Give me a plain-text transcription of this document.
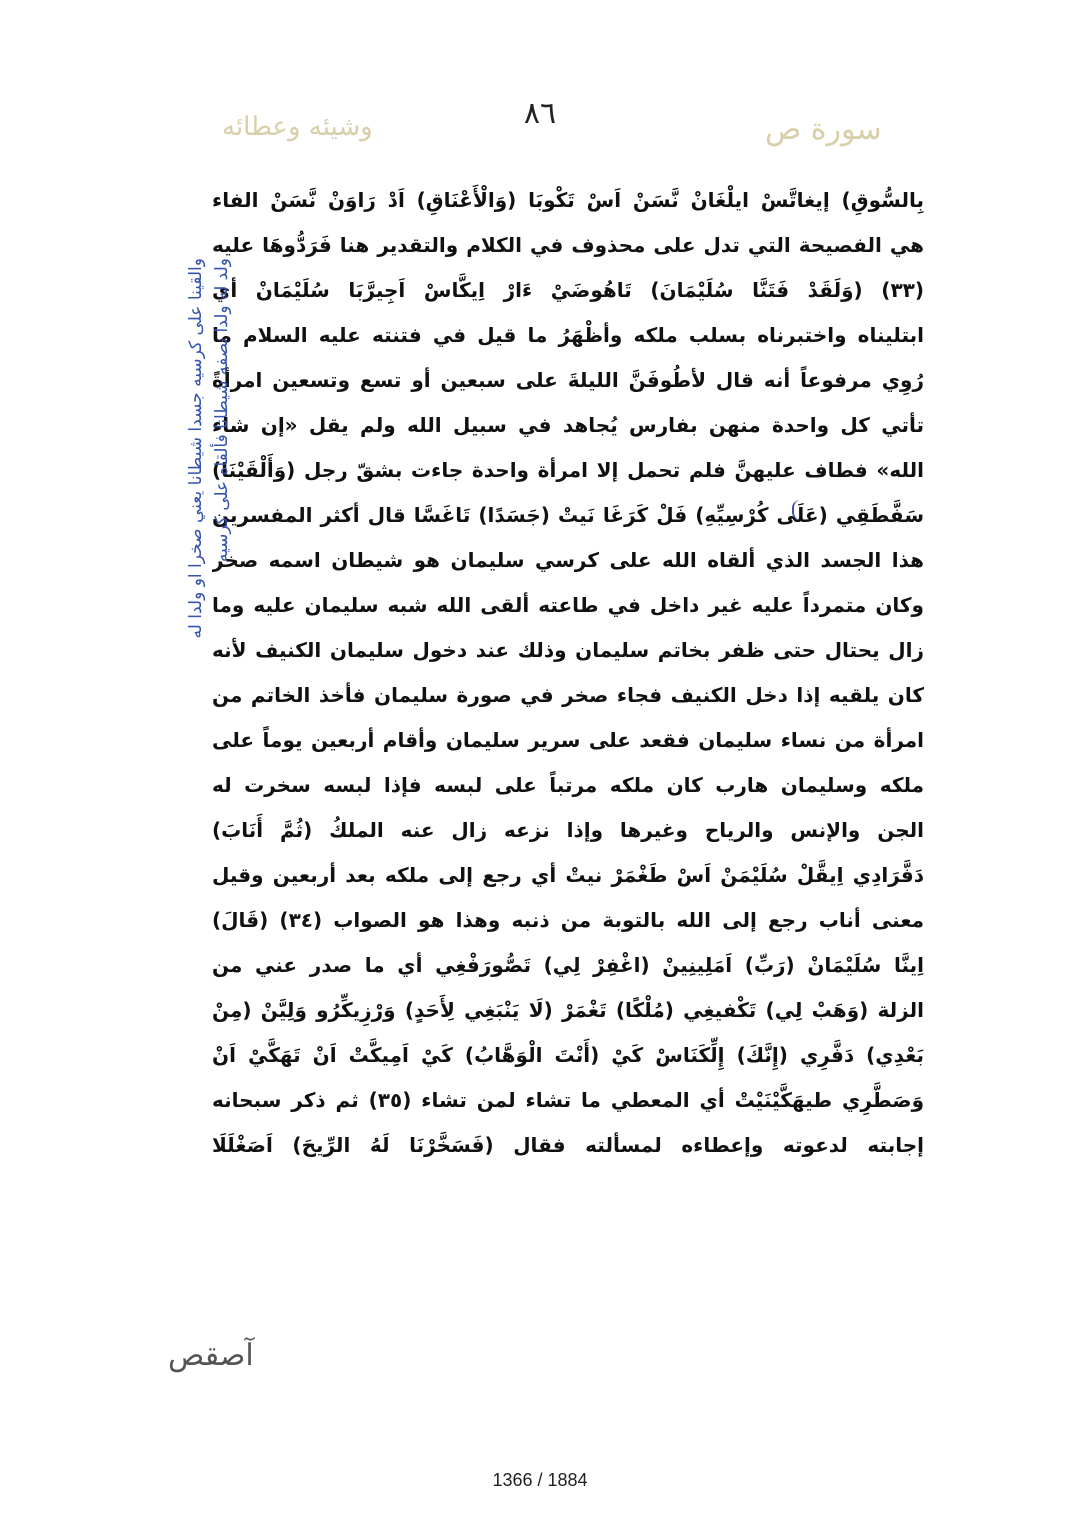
٨٦
وشيئه وعطائه	سورة ص
بِالسُّوقِ) إيغاتَّسْ ايلْغَانْ نَّسَنْ اَسْ تَكْوبَا (وَالْأَعْنَاقِ) اَدْ رَاوَنْ نَّسَنْ الفاء
هي الفصيحة التي تدل على محذوف في الكلام والتقدير هنا فَرَدُّوهَا عليه
(٣٣) (وَلَقَدْ فَتَنَّا سُلَيْمَانَ) تَاهُوضَيْ ءَارْ اِيكَّاسْ اَجِيرَّبَا سُلَيْمَانْ أي
ابتليناه واختبرناه بسلب ملكه وأظْهَرُ ما قيل في فتنته عليه السلام ما
رُوِي مرفوعاً أنه قال لأطُوفَنَّ الليلةَ على سبعين أو تسع وتسعين امرأةً
تأتي كل واحدة منهن بفارس يُجاهد في سبيل الله ولم يقل «إن شاء
الله» فطاف عليهنَّ فلم تحمل إلا امرأة واحدة جاءت بشقّ رجل (وَأَلْقَيْنَا)
سَفَّطَقِي (عَلَى كُرْسِيِّهِ) فَلْ كَرَغَا نَيتْ (جَسَدًا) تَاغَسَّا قال أكثر المفسرين
هذا الجسد الذي ألقاه الله على كرسي سليمان هو شيطان اسمه صخر
وكان متمرداً عليه غير داخل في طاعته ألقى الله شبه سليمان عليه وما
زال يحتال حتى ظفر بخاتم سليمان وذلك عند دخول سليمان الكنيف لأنه
كان يلقيه إذا دخل الكنيف فجاء صخر في صورة سليمان فأخذ الخاتم من
امرأة من نساء سليمان فقعد على سرير سليمان وأقام أربعين يوماً على
ملكه وسليمان هارب كان ملكه مرتباً على لبسه فإذا لبسه سخرت له
الجن والإنس والرياح وغيرها وإذا نزعه زال عنه الملكُ (ثُمَّ أَنَابَ)
دَفَّرَادِي اِيقَّلْ سُلَيْمَنْ اَسْ طَغْمَرْ نيتْ أي رجع إلى ملكه بعد أربعين وقيل
معنى أناب رجع إلى الله بالتوبة من ذنبه وهذا هو الصواب (٣٤) (قَالَ)
اِينَّا سُلَيْمَانْ (رَبِّ) اَمَلِينِينْ (اغْفِرْ لِي) تَصُّورَفْغِي أي ما صدر عني من
الزلة (وَهَبْ لِي) تَكْفيغِي (مُلْكًا) تَغْمَرْ (لَا يَنْبَغِي لِأَحَدٍ) وَرْزِيكِّرُو وَلِيَّنْ (مِنْ
بَعْدِي) دَفَّرِي (إِنَّكَ) إِلِّكَنَاسْ كَيْ (أَنْتَ الْوَهَّابُ) كَيْ اَمِيكَّتْ اَنْ تَهَكَّيْ اَنْ
وَصَطَّرِي طيهَكَّيْنَيْتْ أي المعطي ما تشاء لمن تشاء (٣٥) ثم ذكر سبحانه
إجابته لدعوته وإعطاءه لمسألته فقال (فَسَخَّرْنَا لَهُ الرِّيحَ) اَصَغْلَلَا
والقينا على كرسيه جسدا شيطانا يعني صخرا او ولدا له ولد له ولدا نصفه شيطانا فألقاه على كرسيه
آصقص
1366 / 1884
